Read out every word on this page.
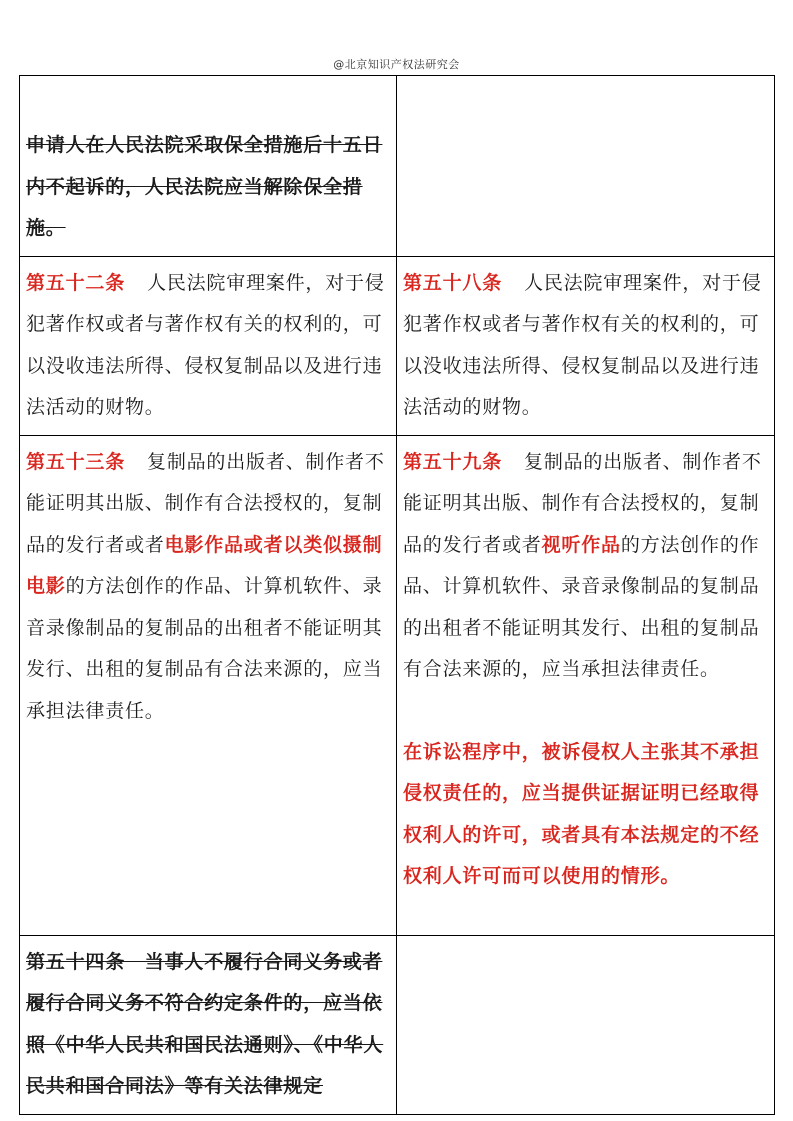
@北京知识产权法研究会
申请人在人民法院采取保全措施后十五日内不起诉的，人民法院应当解除保全措施。	

第五十二条 人民法院审理案件，对于侵犯著作权或者与著作权有关的权利的，可以没收违法所得、侵权复制品以及进行违法活动的财物。	第五十八条 人民法院审理案件，对于侵犯著作权或者与著作权有关的权利的，可以没收违法所得、侵权复制品以及进行违法活动的财物。
第五十三条 复制品的出版者、制作者不能证明其出版、制作有合法授权的，复制品的发行者或者电影作品或者以类似摄制电影的方法创作的作品、计算机软件、录音录像制品的复制品的出租者不能证明其发行、出租的复制品有合法来源的，应当承担法律责任。	第五十九条 复制品的出版者、制作者不能证明其出版、制作有合法授权的，复制品的发行者或者视听作品的方法创作的作品、计算机软件、录音录像制品的复制品的出租者不能证明其发行、出租的复制品有合法来源的，应当承担法律责任。
在诉讼程序中，被诉侵权人主张其不承担侵权责任的，应当提供证据证明已经取得权利人的许可，或者具有本法规定的不经权利人许可而可以使用的情形。
第五十四条　当事人不履行合同义务或者履行合同义务不符合约定条件的，应当依照《中华人民共和国民法通则》、《中华人民共和国合同法》等有关法律规定	
